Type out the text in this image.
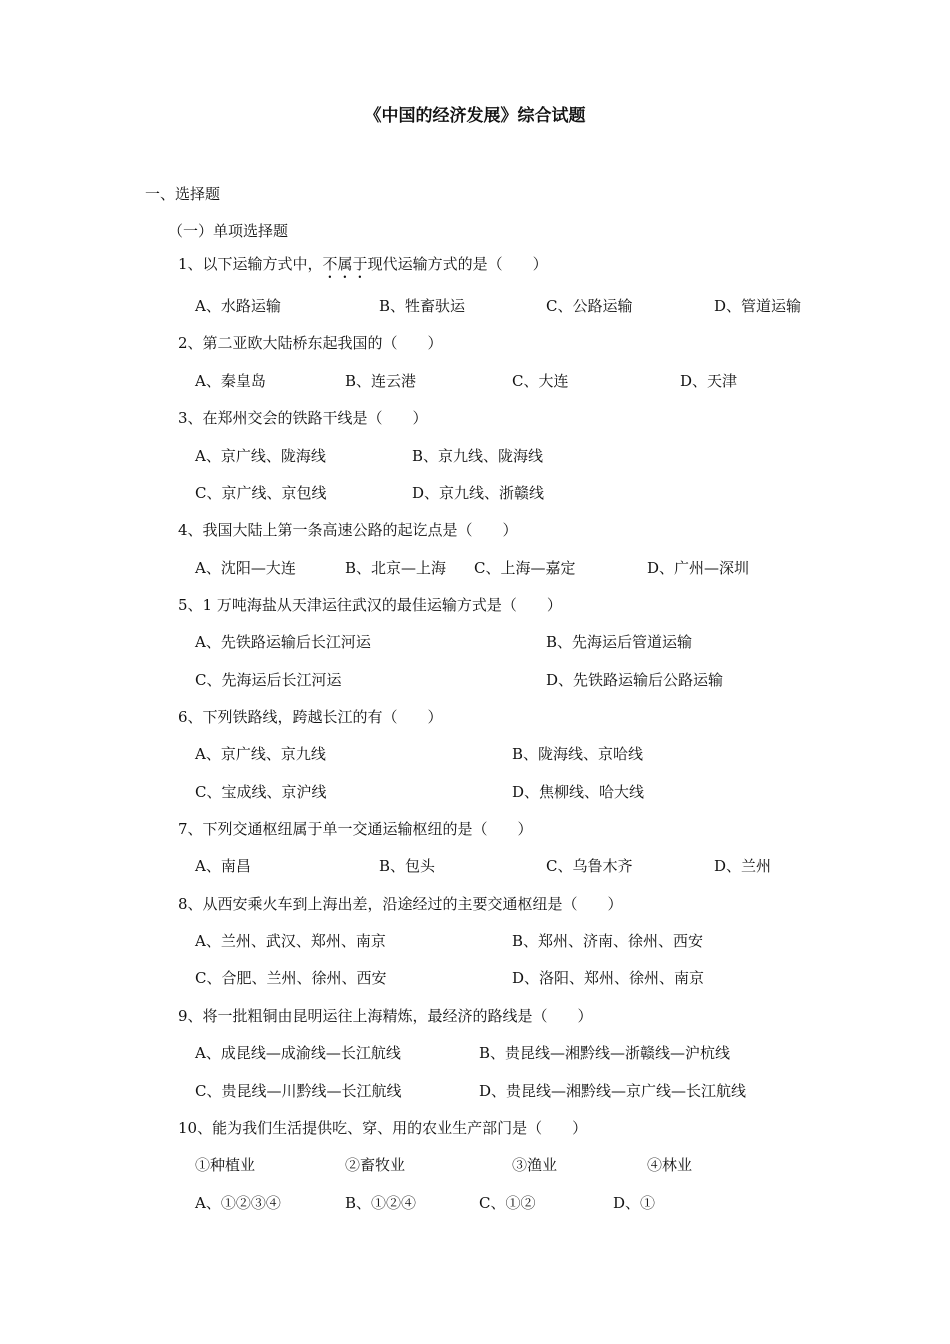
《中国的经济发展》综合试题
一、选择题
（一）单项选择题
1、以下运输方式中，不属于现代运输方式的是（　　）
A、水路运输	B、牲畜驮运	C、公路运输	D、管道运输
2、第二亚欧大陆桥东起我国的（　　）
A、秦皇岛	B、连云港	C、大连	D、天津
3、在郑州交会的铁路干线是（　　）
A、京广线、陇海线	B、京九线、陇海线
C、京广线、京包线	D、京九线、浙赣线
4、我国大陆上第一条高速公路的起讫点是（　　）
A、沈阳—大连	B、北京—上海 C、上海—嘉定	D、广州—深圳
5、1 万吨海盐从天津运往武汉的最佳运输方式是（　　）
A、先铁路运输后长江河运	B、先海运后管道运输
C、先海运后长江河运	D、先铁路运输后公路运输
6、下列铁路线，跨越长江的有（　　）
A、京广线、京九线	B、陇海线、京哈线
C、宝成线、京沪线	D、焦柳线、哈大线
7、下列交通枢纽属于单一交通运输枢纽的是（　　）
A、南昌	B、包头	C、乌鲁木齐	D、兰州
8、从西安乘火车到上海出差，沿途经过的主要交通枢纽是（　　）
A、兰州、武汉、郑州、南京	B、郑州、济南、徐州、西安
C、合肥、兰州、徐州、西安	D、洛阳、郑州、徐州、南京
9、将一批粗铜由昆明运往上海精炼，最经济的路线是（　　）
A、成昆线—成渝线—长江航线	B、贵昆线—湘黔线—浙赣线—沪杭线
C、贵昆线—川黔线—长江航线	D、贵昆线—湘黔线—京广线—长江航线
10、能为我们生活提供吃、穿、用的农业生产部门是（　　）
①种植业	②畜牧业	③渔业	④林业
A、①②③④	B、①②④	C、①②	D、①
